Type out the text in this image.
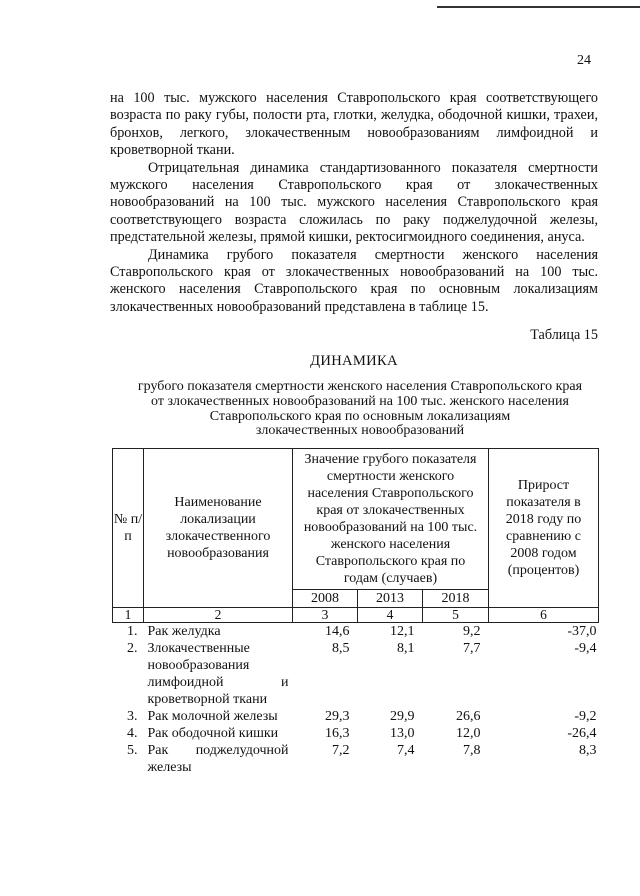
24

на 100 тыс. мужского населения Ставропольского края соответствующего возраста по раку губы, полости рта, глотки, желудка, ободочной кишки, трахеи, бронхов, легкого, злокачественным новообразованиям лимфоидной и кроветворной ткани.

Отрицательная динамика стандартизованного показателя смертности мужского населения Ставропольского края от злокачественных новообразований на 100 тыс. мужского населения Ставропольского края соответствующего возраста сложилась по раку поджелудочной железы, предстательной железы, прямой кишки, ректосигмоидного соединения, ануса.

Динамика грубого показателя смертности женского населения Ставропольского края от злокачественных новообразований на 100 тыс. женского населения Ставропольского края по основным локализациям злокачественных новообразований представлена в таблице 15.

Таблица 15
ДИНАМИКА
грубого показателя смертности женского населения Ставропольского края
от злокачественных новообразований на 100 тыс. женского населения
Ставропольского края по основным локализациям
злокачественных новообразований
№ п/п	Наименование локализации злокачественного новообразования	Значение грубого показателя смертности женского населения Ставропольского края от злокачественных новообразований на 100 тыс. женского населения Ставропольского края по годам (случаев)			Прирост показателя в 2018 году по сравнению с 2008 годом (процентов)
		2008	2013	2018	
1	2	3	4	5	6
1.	Рак желудка	14,6	12,1	9,2	-37,0
2.	Злокачественные новообразования лимфоидной и кроветворной ткани	8,5	8,1	7,7	-9,4
3.	Рак молочной железы	29,3	29,9	26,6	-9,2
4.	Рак ободочной кишки	16,3	13,0	12,0	-26,4
5.	Рак поджелудочной железы	7,2	7,4	7,8	8,3
